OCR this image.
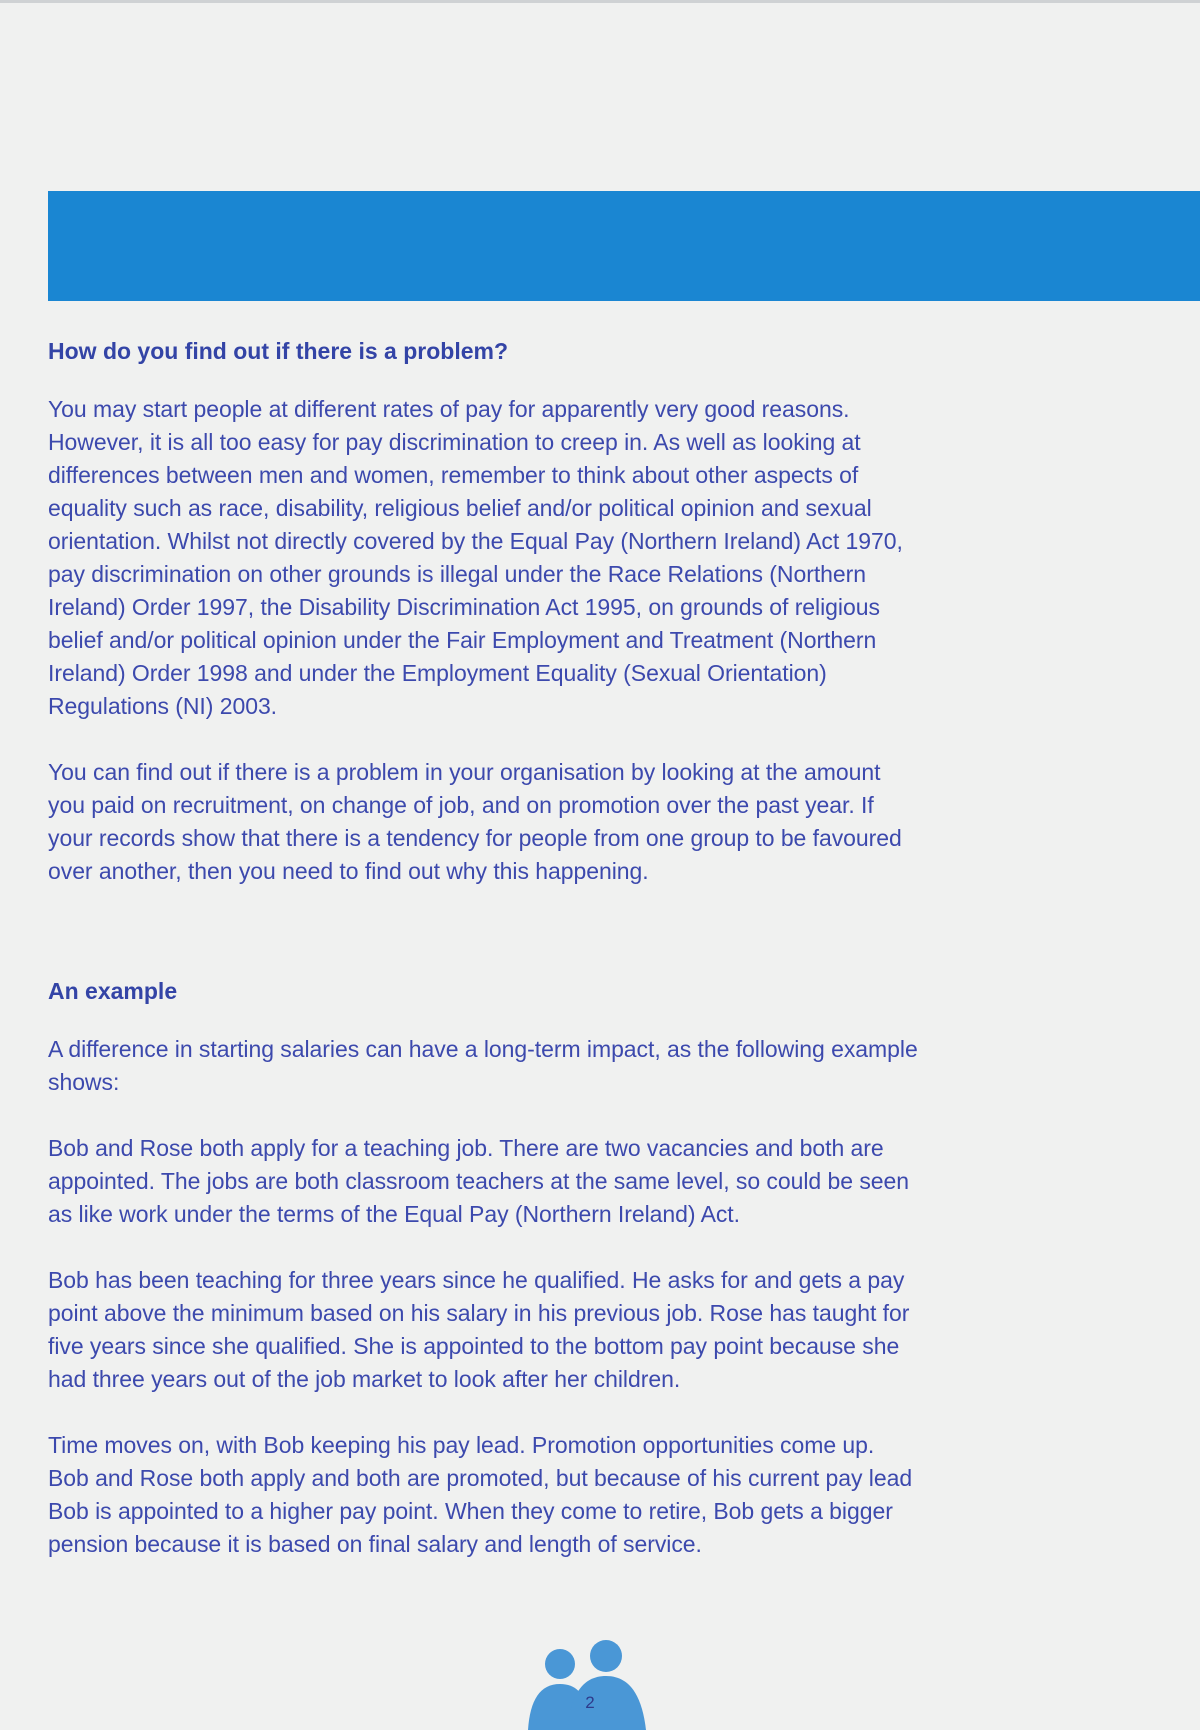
How do you find out if there is a problem?

You may start people at different rates of pay for apparently very good reasons.
However, it is all too easy for pay discrimination to creep in. As well as looking at
differences between men and women, remember to think about other aspects of
equality such as race, disability, religious belief and/or political opinion and sexual
orientation. Whilst not directly covered by the Equal Pay (Northern Ireland) Act 1970,
pay discrimination on other grounds is illegal under the Race Relations (Northern
Ireland) Order 1997, the Disability Discrimination Act 1995, on grounds of religious
belief and/or political opinion under the Fair Employment and Treatment (Northern
Ireland) Order 1998 and under the Employment Equality (Sexual Orientation)
Regulations (NI) 2003.

You can find out if there is a problem in your organisation by looking at the amount
you paid on recruitment, on change of job, and on promotion over the past year. If
your records show that there is a tendency for people from one group to be favoured
over another, then you need to find out why this happening.

An example

A difference in starting salaries can have a long-term impact, as the following example
shows:

Bob and Rose both apply for a teaching job. There are two vacancies and both are
appointed. The jobs are both classroom teachers at the same level, so could be seen
as like work under the terms of the Equal Pay (Northern Ireland) Act.

Bob has been teaching for three years since he qualified. He asks for and gets a pay
point above the minimum based on his salary in his previous job. Rose has taught for
five years since she qualified. She is appointed to the bottom pay point because she
had three years out of the job market to look after her children.

Time moves on, with Bob keeping his pay lead. Promotion opportunities come up.
Bob and Rose both apply and both are promoted, but because of his current pay lead
Bob is appointed to a higher pay point. When they come to retire, Bob gets a bigger
pension because it is based on final salary and length of service.

2
